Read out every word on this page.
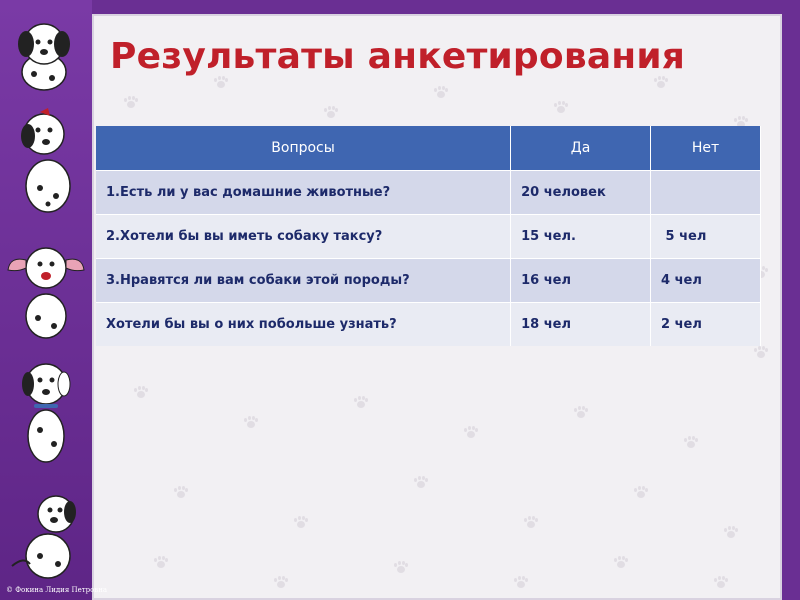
Результаты анкетирования
Вопросы	Да	Нет
1.Есть ли у вас домашние животные?	20 человек	
2.Хотели бы вы иметь собаку таксу?	15 чел.	5 чел
3.Нравятся ли вам собаки этой породы?	16 чел	4 чел
Хотели бы вы о них побольше узнать?	18 чел	2 чел
© Фокина Лидия Петровна
